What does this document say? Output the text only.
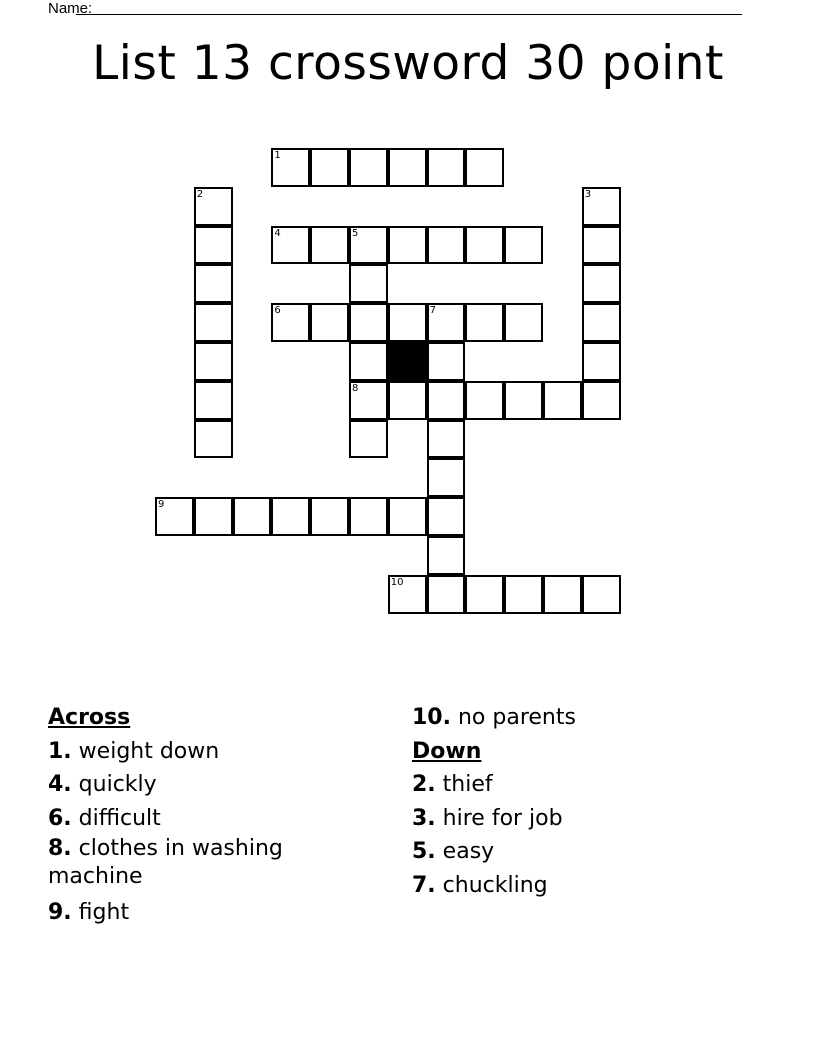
Name:
List 13 crossword 30 point
1
2	3
4	5
8
6	7
9
10
Across
1. weight down
4. quickly
6. difficult
8. clothes in washing machine
9. fight
10. no parents
Down
2. thief
3. hire for job
5. easy
7. chuckling
